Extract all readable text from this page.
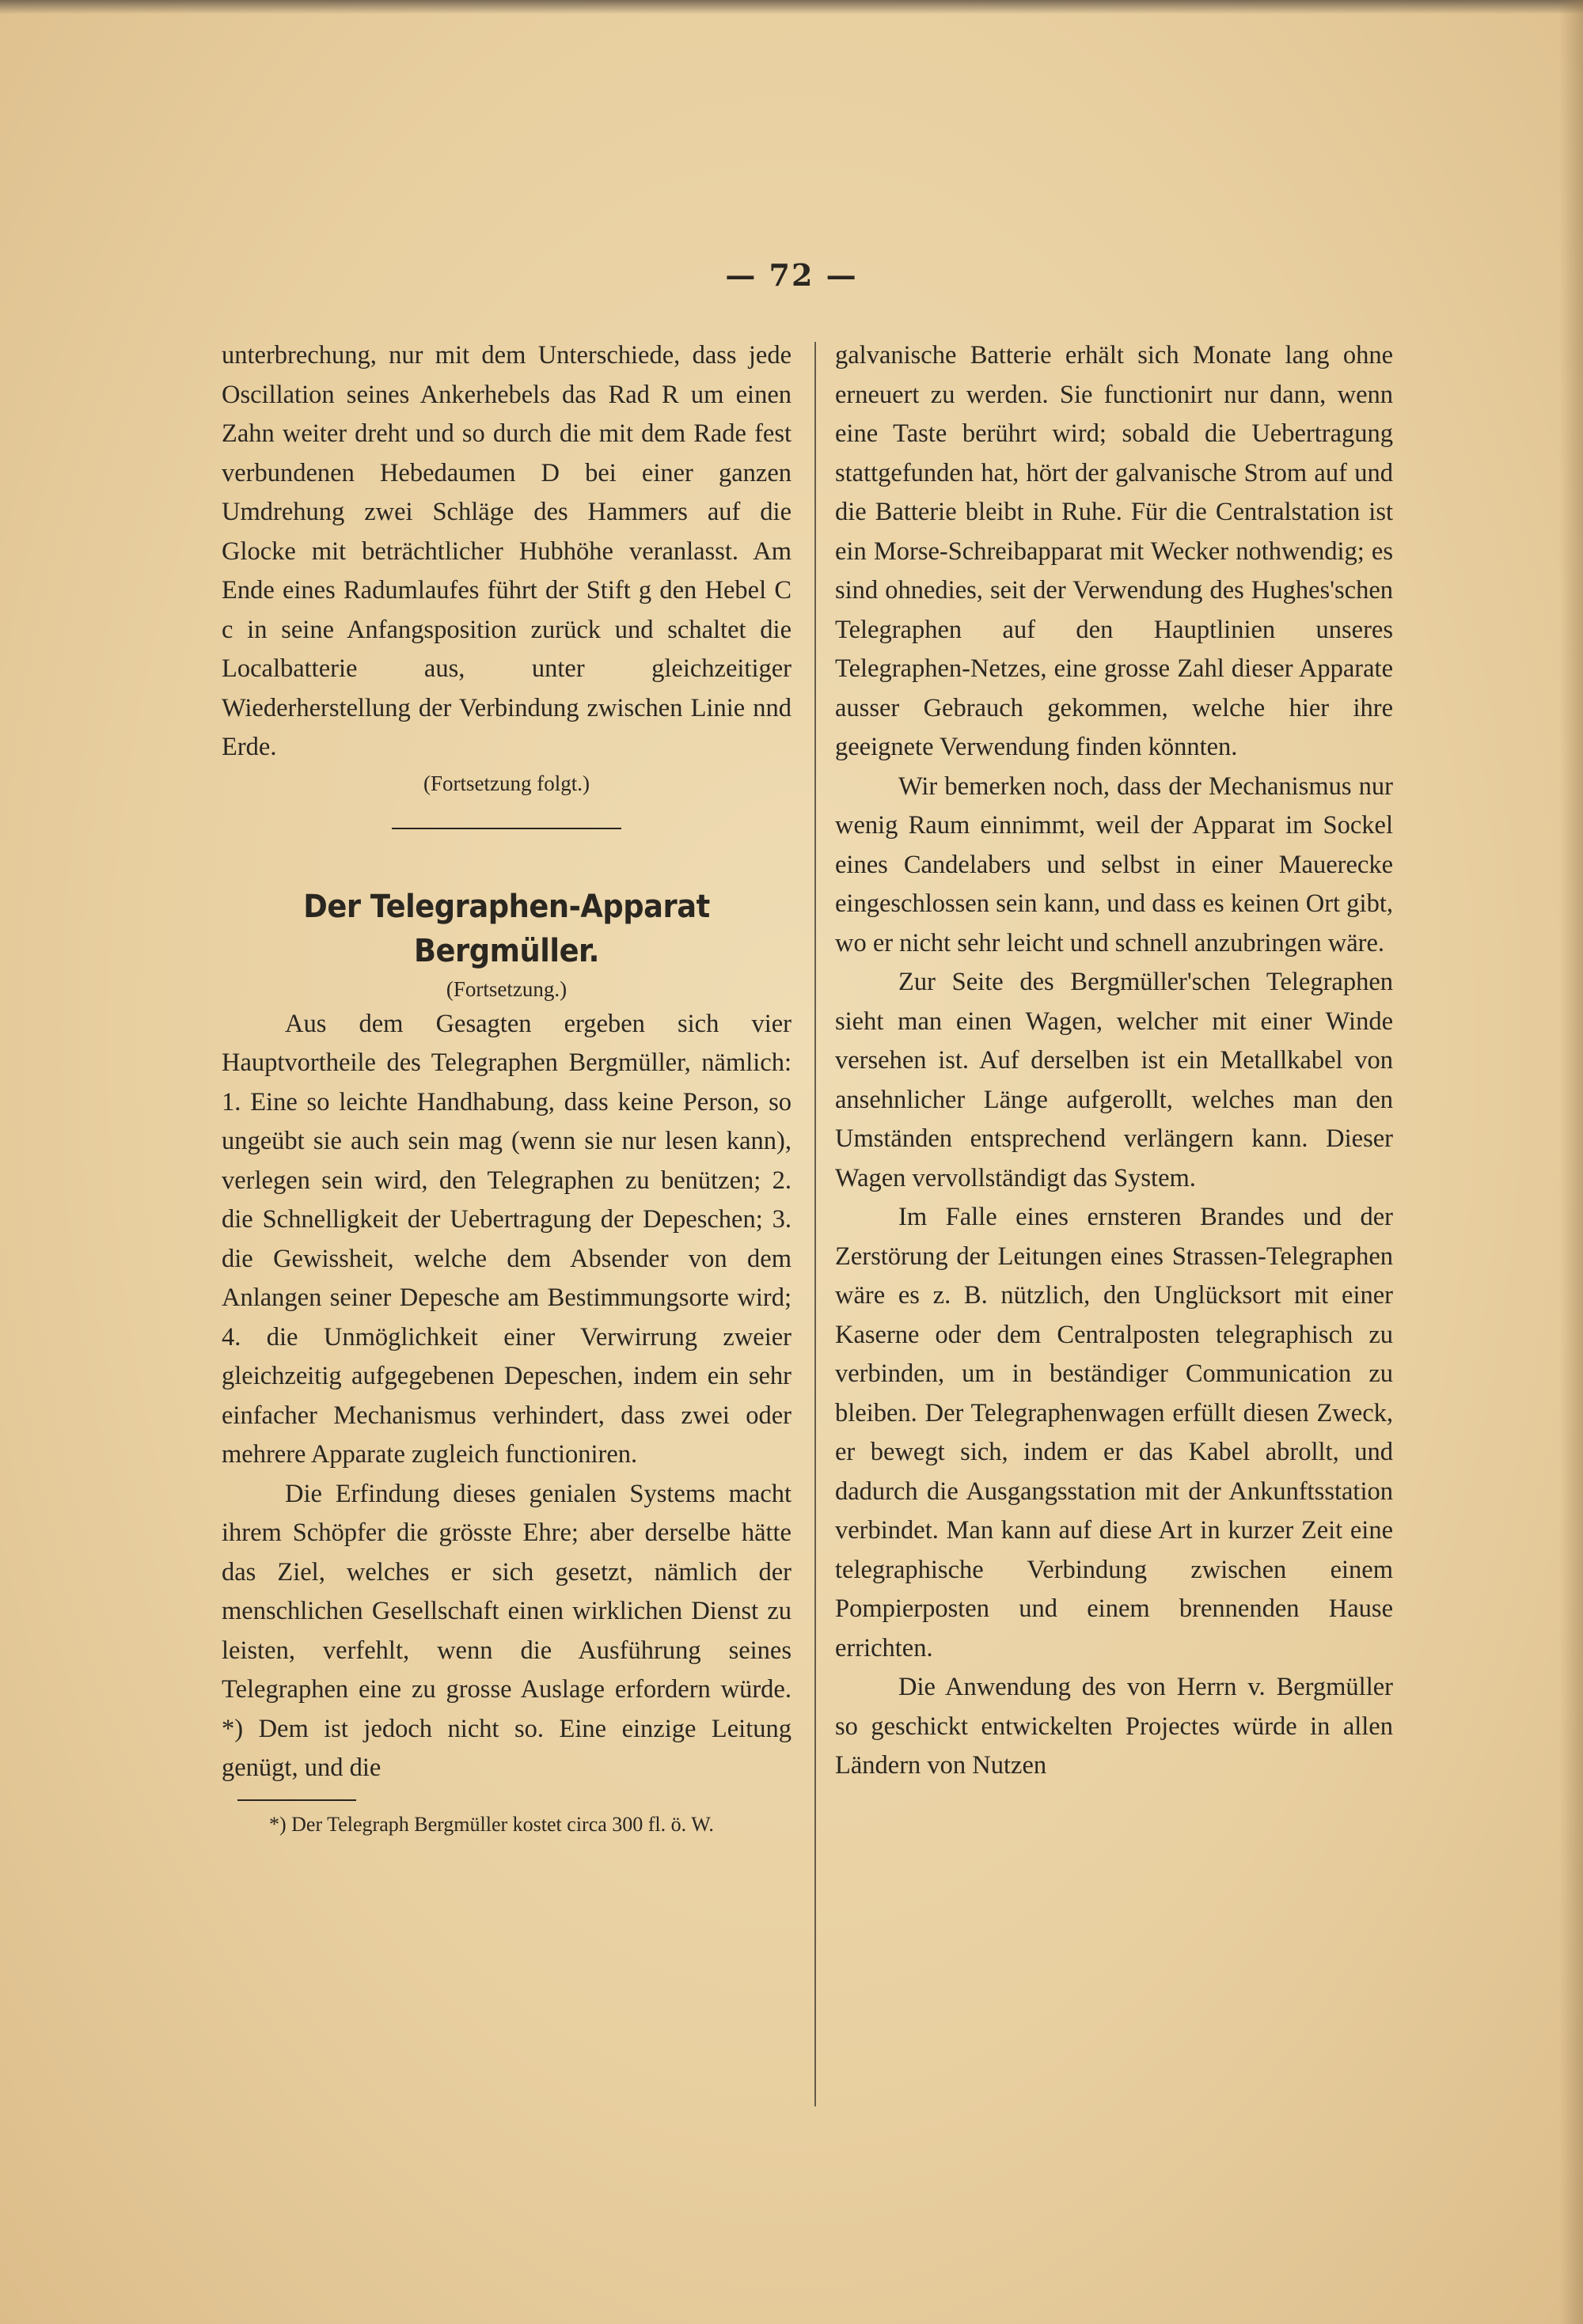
— 72 —

unterbrechung, nur mit dem Unterschiede, dass jede Oscillation seines Ankerhebels das Rad R um einen Zahn weiter dreht und so durch die mit dem Rade fest verbundenen Hebedaumen D bei einer ganzen Umdrehung zwei Schläge des Hammers auf die Glocke mit beträchtlicher Hubhöhe veranlasst. Am Ende eines Radumlaufes führt der Stift g den Hebel C c in seine Anfangsposition zurück und schaltet die Localbatterie aus, unter gleichzeitiger Wiederherstellung der Verbindung zwischen Linie nnd Erde.

(Fortsetzung folgt.)

Der Telegraphen-Apparat Bergmüller.

(Fortsetzung.)

Aus dem Gesagten ergeben sich vier Hauptvortheile des Telegraphen Bergmüller, nämlich: 1. Eine so leichte Handhabung, dass keine Person, so ungeübt sie auch sein mag (wenn sie nur lesen kann), verlegen sein wird, den Telegraphen zu benützen; 2. die Schnelligkeit der Uebertragung der Depeschen; 3. die Gewissheit, welche dem Absender von dem Anlangen seiner Depesche am Bestimmungsorte wird; 4. die Unmöglichkeit einer Verwirrung zweier gleichzeitig aufgegebenen Depeschen, indem ein sehr einfacher Mechanismus verhindert, dass zwei oder mehrere Apparate zugleich functioniren.

Die Erfindung dieses genialen Systems macht ihrem Schöpfer die grösste Ehre; aber derselbe hätte das Ziel, welches er sich gesetzt, nämlich der menschlichen Gesellschaft einen wirklichen Dienst zu leisten, verfehlt, wenn die Ausführung seines Telegraphen eine zu grosse Auslage erfordern würde. *) Dem ist jedoch nicht so. Eine einzige Leitung genügt, und die

*) Der Telegraph Bergmüller kostet circa 300 fl. ö. W.

galvanische Batterie erhält sich Monate lang ohne erneuert zu werden. Sie functionirt nur dann, wenn eine Taste berührt wird; sobald die Uebertragung stattgefunden hat, hört der galvanische Strom auf und die Batterie bleibt in Ruhe. Für die Centralstation ist ein Morse-Schreibapparat mit Wecker nothwendig; es sind ohnedies, seit der Verwendung des Hughes'schen Telegraphen auf den Hauptlinien unseres Telegraphen-Netzes, eine grosse Zahl dieser Apparate ausser Gebrauch gekommen, welche hier ihre geeignete Verwendung finden könnten.

Wir bemerken noch, dass der Mechanismus nur wenig Raum einnimmt, weil der Apparat im Sockel eines Candelabers und selbst in einer Mauerecke eingeschlossen sein kann, und dass es keinen Ort gibt, wo er nicht sehr leicht und schnell anzubringen wäre.

Zur Seite des Bergmüller'schen Telegraphen sieht man einen Wagen, welcher mit einer Winde versehen ist. Auf derselben ist ein Metallkabel von ansehnlicher Länge aufgerollt, welches man den Umständen entsprechend verlängern kann. Dieser Wagen vervollständigt das System.

Im Falle eines ernsteren Brandes und der Zerstörung der Leitungen eines Strassen-Telegraphen wäre es z. B. nützlich, den Unglücksort mit einer Kaserne oder dem Centralposten telegraphisch zu verbinden, um in beständiger Communication zu bleiben. Der Telegraphenwagen erfüllt diesen Zweck, er bewegt sich, indem er das Kabel abrollt, und dadurch die Ausgangsstation mit der Ankunftsstation verbindet. Man kann auf diese Art in kurzer Zeit eine telegraphische Verbindung zwischen einem Pompierposten und einem brennenden Hause errichten.

Die Anwendung des von Herrn v. Bergmüller so geschickt entwickelten Projectes würde in allen Ländern von Nutzen
